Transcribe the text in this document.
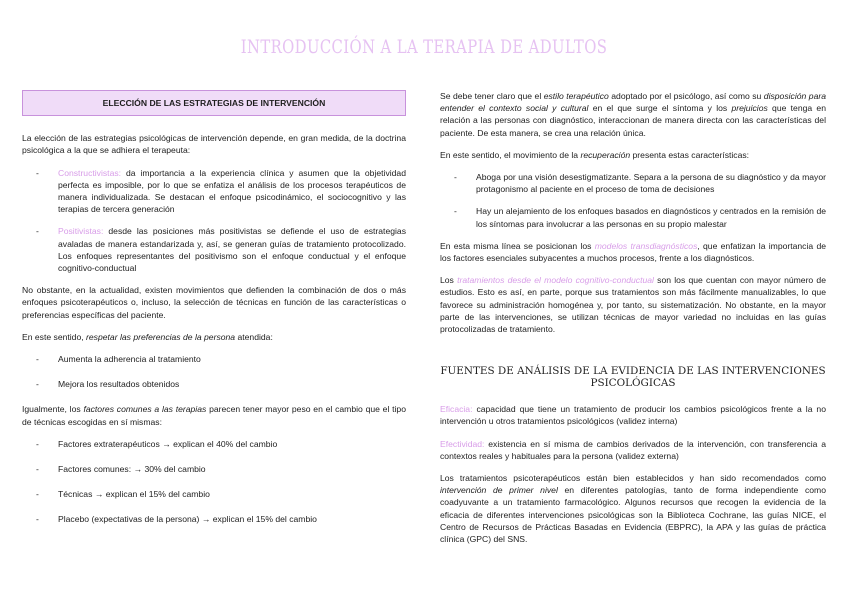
INTRODUCCIÓN A LA TERAPIA DE ADULTOS
ELECCIÓN DE LAS ESTRATEGIAS DE INTERVENCIÓN

La elección de las estrategias psicológicas de intervención depende, en gran medida, de la doctrina psicológica a la que se adhiera el terapeuta:

- Constructivistas: da importancia a la experiencia clínica y asumen que la objetividad perfecta es imposible, por lo que se enfatiza el análisis de los procesos terapéuticos de manera individualizada. Se destacan el enfoque psicodinámico, el sociocognitivo y las terapias de tercera generación
- Positivistas: desde las posiciones más positivistas se defiende el uso de estrategias avaladas de manera estandarizada y, así, se generan guías de tratamiento protocolizado. Los enfoques representantes del positivismo son el enfoque conductual y el enfoque cognitivo-conductual

No obstante, en la actualidad, existen movimientos que defienden la combinación de dos o más enfoques psicoterapéuticos o, incluso, la selección de técnicas en función de las características o preferencias específicas del paciente.

En este sentido, respetar las preferencias de la persona atendida:

- Aumenta la adherencia al tratamiento
- Mejora los resultados obtenidos

Igualmente, los factores comunes a las terapias parecen tener mayor peso en el cambio que el tipo de técnicas escogidas en sí mismas:

- Factores extraterapéuticos → explican el 40% del cambio
- Factores comunes: → 30% del cambio
- Técnicas → explican el 15% del cambio
- Placebo (expectativas de la persona) → explican el 15% del cambio

Se debe tener claro que el estilo terapéutico adoptado por el psicólogo, así como su disposición para entender el contexto social y cultural en el que surge el síntoma y los prejuicios que tenga en relación a las personas con diagnóstico, interaccionan de manera directa con las características del paciente. De esta manera, se crea una relación única.

En este sentido, el movimiento de la recuperación presenta estas características:

- Aboga por una visión desestigmatizante. Separa a la persona de su diagnóstico y da mayor protagonismo al paciente en el proceso de toma de decisiones
- Hay un alejamiento de los enfoques basados en diagnósticos y centrados en la remisión de los síntomas para involucrar a las personas en su propio malestar

En esta misma línea se posicionan los modelos transdiagnósticos, que enfatizan la importancia de los factores esenciales subyacentes a muchos procesos, frente a los diagnósticos.

Los tratamientos desde el modelo cognitivo-conductual son los que cuentan con mayor número de estudios. Esto es así, en parte, porque sus tratamientos son más fácilmente manualizables, lo que favorece su administración homogénea y, por tanto, su sistematización. No obstante, en la mayor parte de las intervenciones, se utilizan técnicas de mayor variedad no incluidas en las guías protocolizadas de tratamiento.

FUENTES DE ANÁLISIS DE LA EVIDENCIA DE LAS INTERVENCIONES PSICOLÓGICAS

Eficacia: capacidad que tiene un tratamiento de producir los cambios psicológicos frente a la no intervención u otros tratamientos psicológicos (validez interna)

Efectividad: existencia en sí misma de cambios derivados de la intervención, con transferencia a contextos reales y habituales para la persona (validez externa)

Los tratamientos psicoterapéuticos están bien establecidos y han sido recomendados como intervención de primer nivel en diferentes patologías, tanto de forma independiente como coadyuvante a un tratamiento farmacológico. Algunos recursos que recogen la evidencia de la eficacia de diferentes intervenciones psicológicas son la Biblioteca Cochrane, las guías NICE, el Centro de Recursos de Prácticas Basadas en Evidencia (EBPRC), la APA y las guías de práctica clínica (GPC) del SNS.
